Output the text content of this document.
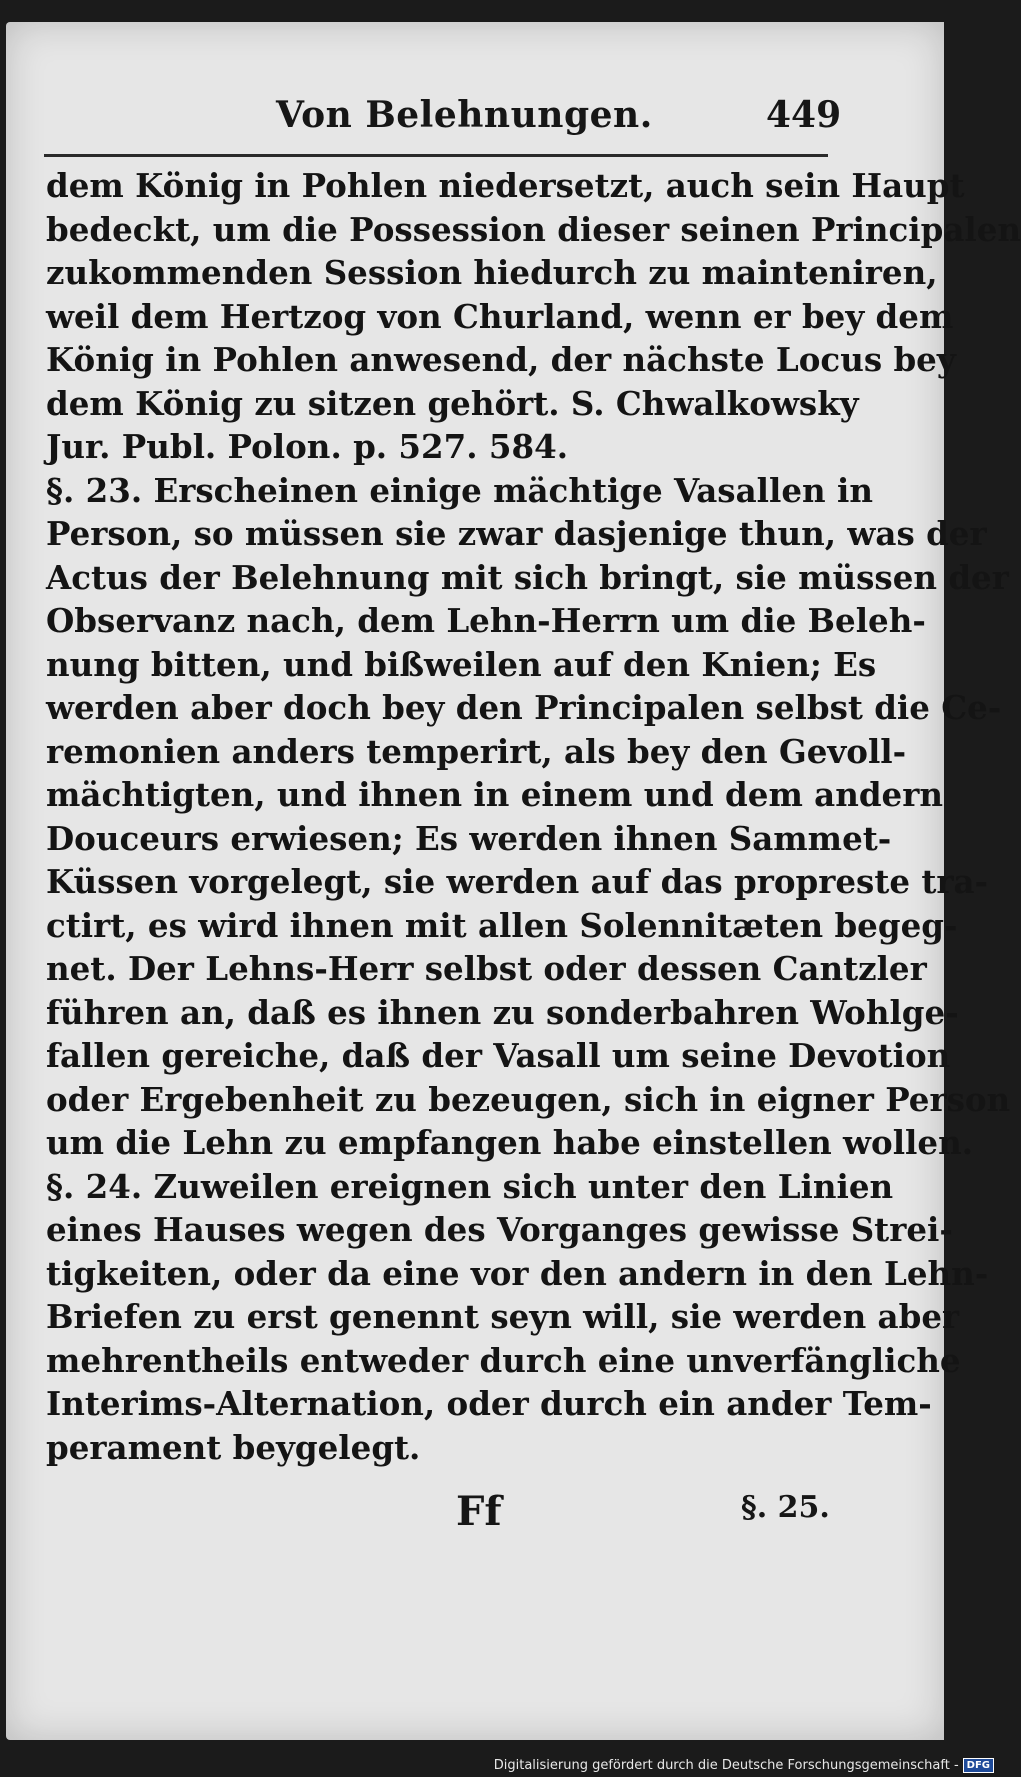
Von Belehnungen.	449
dem König in Pohlen niedersetzt, auch sein Haupt
bedeckt, um die Possession dieser seinen Principalen
zukommenden Session hiedurch zu mainteniren,
weil dem Hertzog von Churland, wenn er bey dem
König in Pohlen anwesend, der nächste Locus bey
dem König zu sitzen gehört. S. Chwalkowsky
Jur. Publ. Polon. p. 527. 584.
§. 23. Erscheinen einige mächtige Vasallen in
Person, so müssen sie zwar dasjenige thun, was der
Actus der Belehnung mit sich bringt, sie müssen der
Observanz nach, dem Lehn-Herrn um die Beleh-
nung bitten, und bißweilen auf den Knien; Es
werden aber doch bey den Principalen selbst die Ce-
remonien anders temperirt, als bey den Gevoll-
mächtigten, und ihnen in einem und dem andern
Douceurs erwiesen; Es werden ihnen Sammet-
Küssen vorgelegt, sie werden auf das propreste tra-
ctirt, es wird ihnen mit allen Solennitæten begeg-
net. Der Lehns-Herr selbst oder dessen Cantzler
führen an, daß es ihnen zu sonderbahren Wohlge-
fallen gereiche, daß der Vasall um seine Devotion
oder Ergebenheit zu bezeugen, sich in eigner Person
um die Lehn zu empfangen habe einstellen wollen.
§. 24. Zuweilen ereignen sich unter den Linien
eines Hauses wegen des Vorganges gewisse Strei-
tigkeiten, oder da eine vor den andern in den Lehn-
Briefen zu erst genennt seyn will, sie werden aber
mehrentheils entweder durch eine unverfängliche
Interims-Alternation, oder durch ein ander Tem-
perament beygelegt.
Ff	§. 25.
Digitalisierung gefördert durch die Deutsche Forschungsgemeinschaft - DFG
